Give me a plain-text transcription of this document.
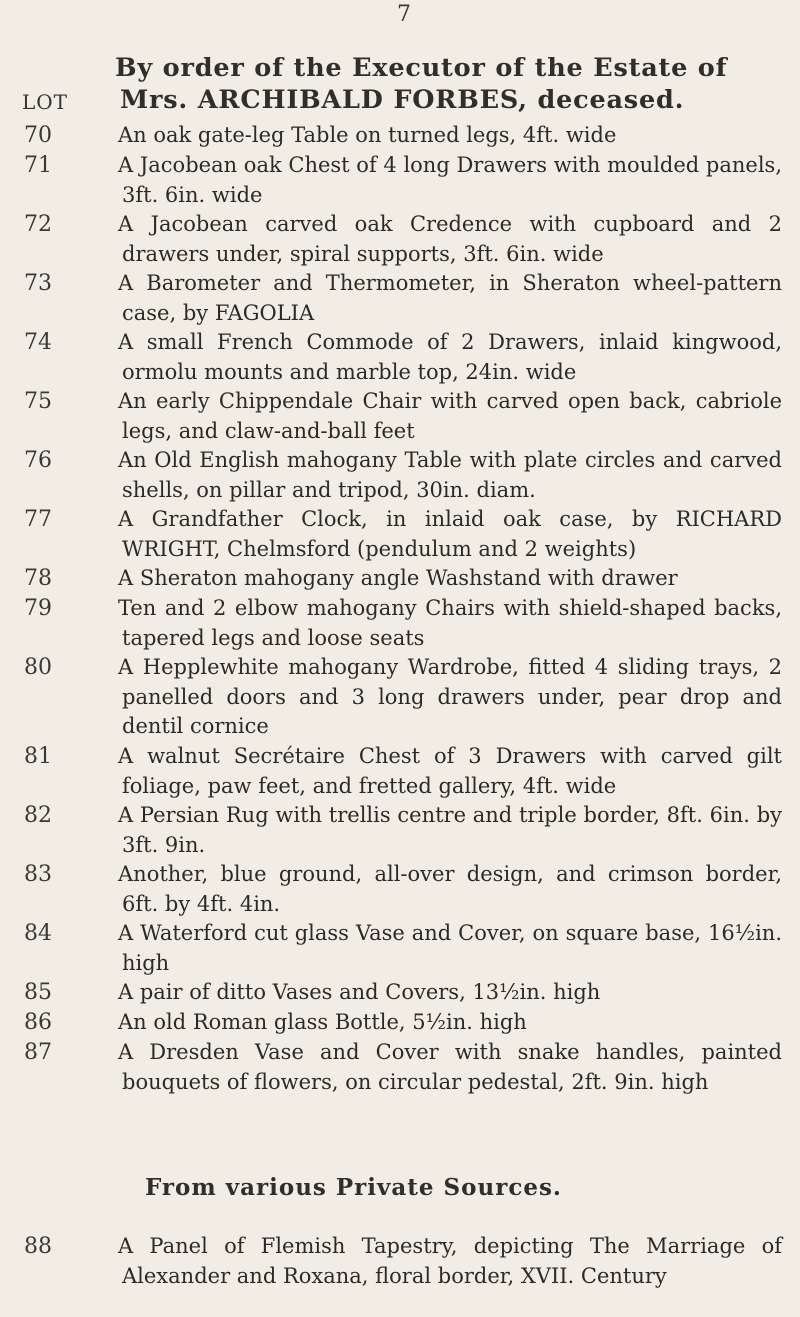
7
By order of the Executor of the Estate of
Mrs. ARCHIBALD FORBES, deceased.
LOT
70	An oak gate-leg Table on turned legs, 4ft. wide
71	A Jacobean oak Chest of 4 long Drawers with moulded panels, 3ft. 6in. wide
72	A Jacobean carved oak Credence with cupboard and 2 drawers under, spiral supports, 3ft. 6in. wide
73	A Barometer and Thermometer, in Sheraton wheel-pattern case, by FAGOLIA
74	A small French Commode of 2 Drawers, inlaid kingwood, ormolu mounts and marble top, 24in. wide
75	An early Chippendale Chair with carved open back, cabriole legs, and claw-and-ball feet
76	An Old English mahogany Table with plate circles and carved shells, on pillar and tripod, 30in. diam.
77	A Grandfather Clock, in inlaid oak case, by RICHARD WRIGHT, Chelmsford (pendulum and 2 weights)
78	A Sheraton mahogany angle Washstand with drawer
79	Ten and 2 elbow mahogany Chairs with shield-shaped backs, tapered legs and loose seats
80	A Hepplewhite mahogany Wardrobe, fitted 4 sliding trays, 2 panelled doors and 3 long drawers under, pear drop and dentil cornice
81	A walnut Secrétaire Chest of 3 Drawers with carved gilt foliage, paw feet, and fretted gallery, 4ft. wide
82	A Persian Rug with trellis centre and triple border, 8ft. 6in. by 3ft. 9in.
83	Another, blue ground, all-over design, and crimson border, 6ft. by 4ft. 4in.
84	A Waterford cut glass Vase and Cover, on square base, 16½in. high
85	A pair of ditto Vases and Covers, 13½in. high
86	An old Roman glass Bottle, 5½in. high
87	A Dresden Vase and Cover with snake handles, painted bouquets of flowers, on circular pedestal, 2ft. 9in. high
From various Private Sources.
88	A Panel of Flemish Tapestry, depicting The Marriage of Alexander and Roxana, floral border, XVII. Century
